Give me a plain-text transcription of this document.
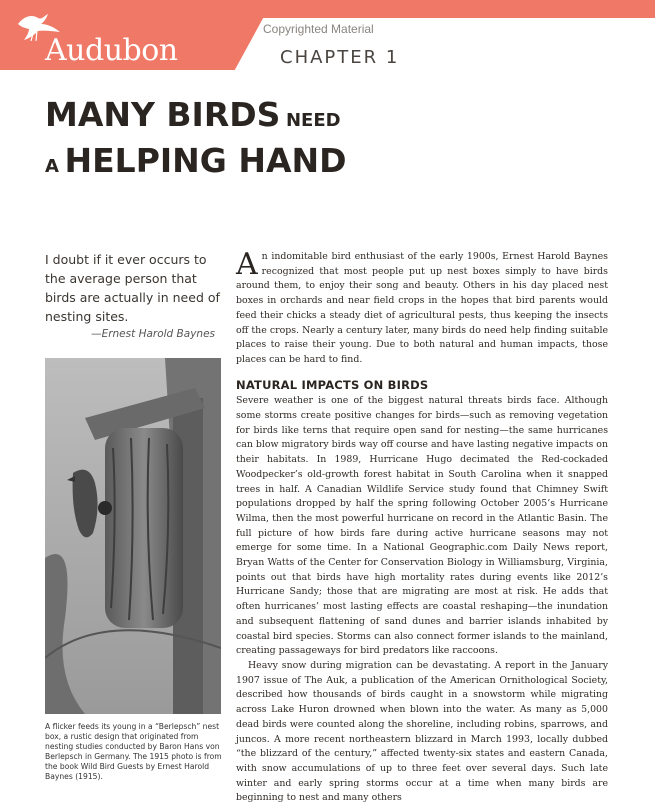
Audubon
Copyrighted Material
CHAPTER 1
MANY BIRDS NEED
A HELPING HAND
I doubt if it ever occurs to the average person that birds are actually in need of nesting sites.
—Ernest Harold Baynes
A flicker feeds its young in a “Berlepsch” nest box, a rustic design that originated from nesting studies conducted by Baron Hans von Berlepsch in Germany. The 1915 photo is from the book Wild Bird Guests by Ernest Harold Baynes (1915).

An indomitable bird enthusiast of the early 1900s, Ernest Harold Baynes recognized that most people put up nest boxes simply to have birds around them, to enjoy their song and beauty. Others in his day placed nest boxes in orchards and near field crops in the hopes that bird parents would feed their chicks a steady diet of agricultural pests, thus keeping the insects off the crops. Nearly a century later, many birds do need help finding suitable places to raise their young. Due to both natural and human impacts, those places can be hard to find.

NATURAL IMPACTS ON BIRDS

Severe weather is one of the biggest natural threats birds face. Although some storms create positive changes for birds—such as removing vegetation for birds like terns that require open sand for nesting—the same hurricanes can blow migratory birds way off course and have lasting negative impacts on their habitats. In 1989, Hurricane Hugo decimated the Red-cockaded Woodpecker’s old-growth forest habitat in South Carolina when it snapped trees in half. A Canadian Wildlife Service study found that Chimney Swift populations dropped by half the spring following October 2005’s Hurricane Wilma, then the most powerful hurricane on record in the Atlantic Basin. The full picture of how birds fare during active hurricane seasons may not emerge for some time. In a National Geographic.com Daily News report, Bryan Watts of the Center for Conservation Biology in Williamsburg, Virginia, points out that birds have high mortality rates during events like 2012’s Hurricane Sandy; those that are migrating are most at risk. He adds that often hurricanes’ most lasting effects are coastal reshaping—the inundation and subsequent flattening of sand dunes and barrier islands inhabited by coastal bird species. Storms can also connect former islands to the mainland, creating passageways for bird predators like raccoons.

Heavy snow during migration can be devastating. A report in the January 1907 issue of The Auk, a publication of the American Ornithological Society, described how thousands of birds caught in a snowstorm while migrating across Lake Huron drowned when blown into the water. As many as 5,000 dead birds were counted along the shoreline, including robins, sparrows, and juncos. A more recent northeastern blizzard in March 1993, locally dubbed “the blizzard of the century,” affected twenty-six states and eastern Canada, with snow accumulations of up to three feet over several days. Such late winter and early spring storms occur at a time when many birds are beginning to nest and many others
